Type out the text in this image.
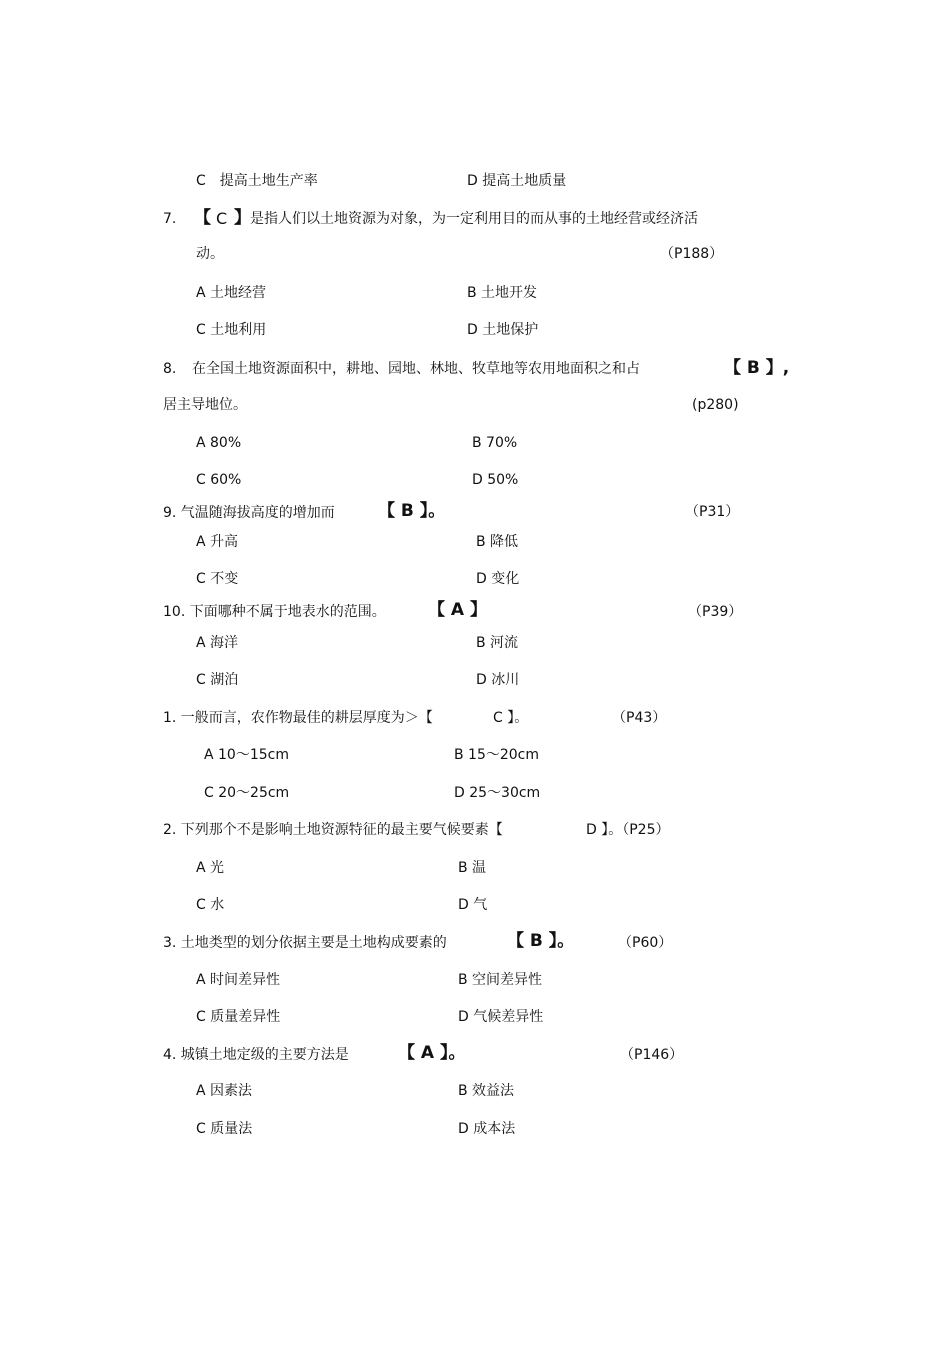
C　提高土地生产率	D 提高土地质量
7. 【 C 】 是指人们以土地资源为对象，为一定利用目的而从事的土地经营或经济活
动。	（P188）
A 土地经营	B 土地开发
C 土地利用	D 土地保护
8. 在全国土地资源面积中，耕地、园地、林地、牧草地等农用地面积之和占	【 B 】,
居主导地位。	(p280)
A 80%	B 70%
C 60%	D 50%
9. 气温随海拔高度的增加而	【 B 】。	（P31）
A 升高	B 降低
C 不变	D 变化
10. 下面哪种不属于地表水的范围。 【 A 】	（P39）
A 海洋	B 河流
C 湖泊	D 冰川
1. 一般而言，农作物最佳的耕层厚度为＞【	C 】。	（P43）
A 10～15cm	B 15～20cm
C 20～25cm	D 25～30cm
2. 下列那个不是影响土地资源特征的最主要气候要素【	D 】。（P25）
A 光	B 温
C 水	D 气
3. 土地类型的划分依据主要是土地构成要素的	【 B 】。	（P60）
A 时间差异性	B 空间差异性
C 质量差异性	D 气候差异性
4. 城镇土地定级的主要方法是	【 A 】。	（P146）
A 因素法	B 效益法
C 质量法	D 成本法
